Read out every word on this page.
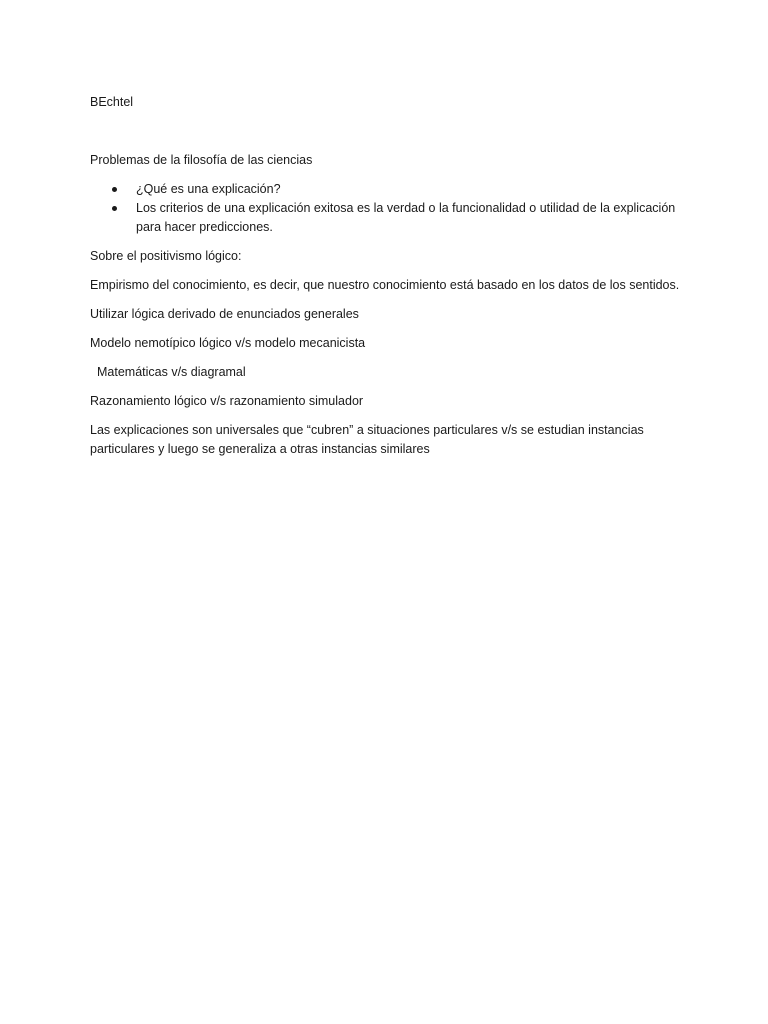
BEchtel

Problemas de la filosofía de las ciencias

¿Qué es una explicación?
Los criterios de una explicación exitosa es la verdad o la funcionalidad o utilidad de la explicación para hacer predicciones.

Sobre el positivismo lógico:

Empirismo del conocimiento, es decir, que nuestro conocimiento está basado en los datos de los sentidos.

Utilizar lógica derivado de enunciados generales

Modelo nemotípico lógico v/s modelo mecanicista

Matemáticas v/s diagramal

Razonamiento lógico v/s razonamiento simulador

Las explicaciones son universales que “cubren” a situaciones particulares v/s se estudian instancias particulares y luego se generaliza a otras instancias similares
